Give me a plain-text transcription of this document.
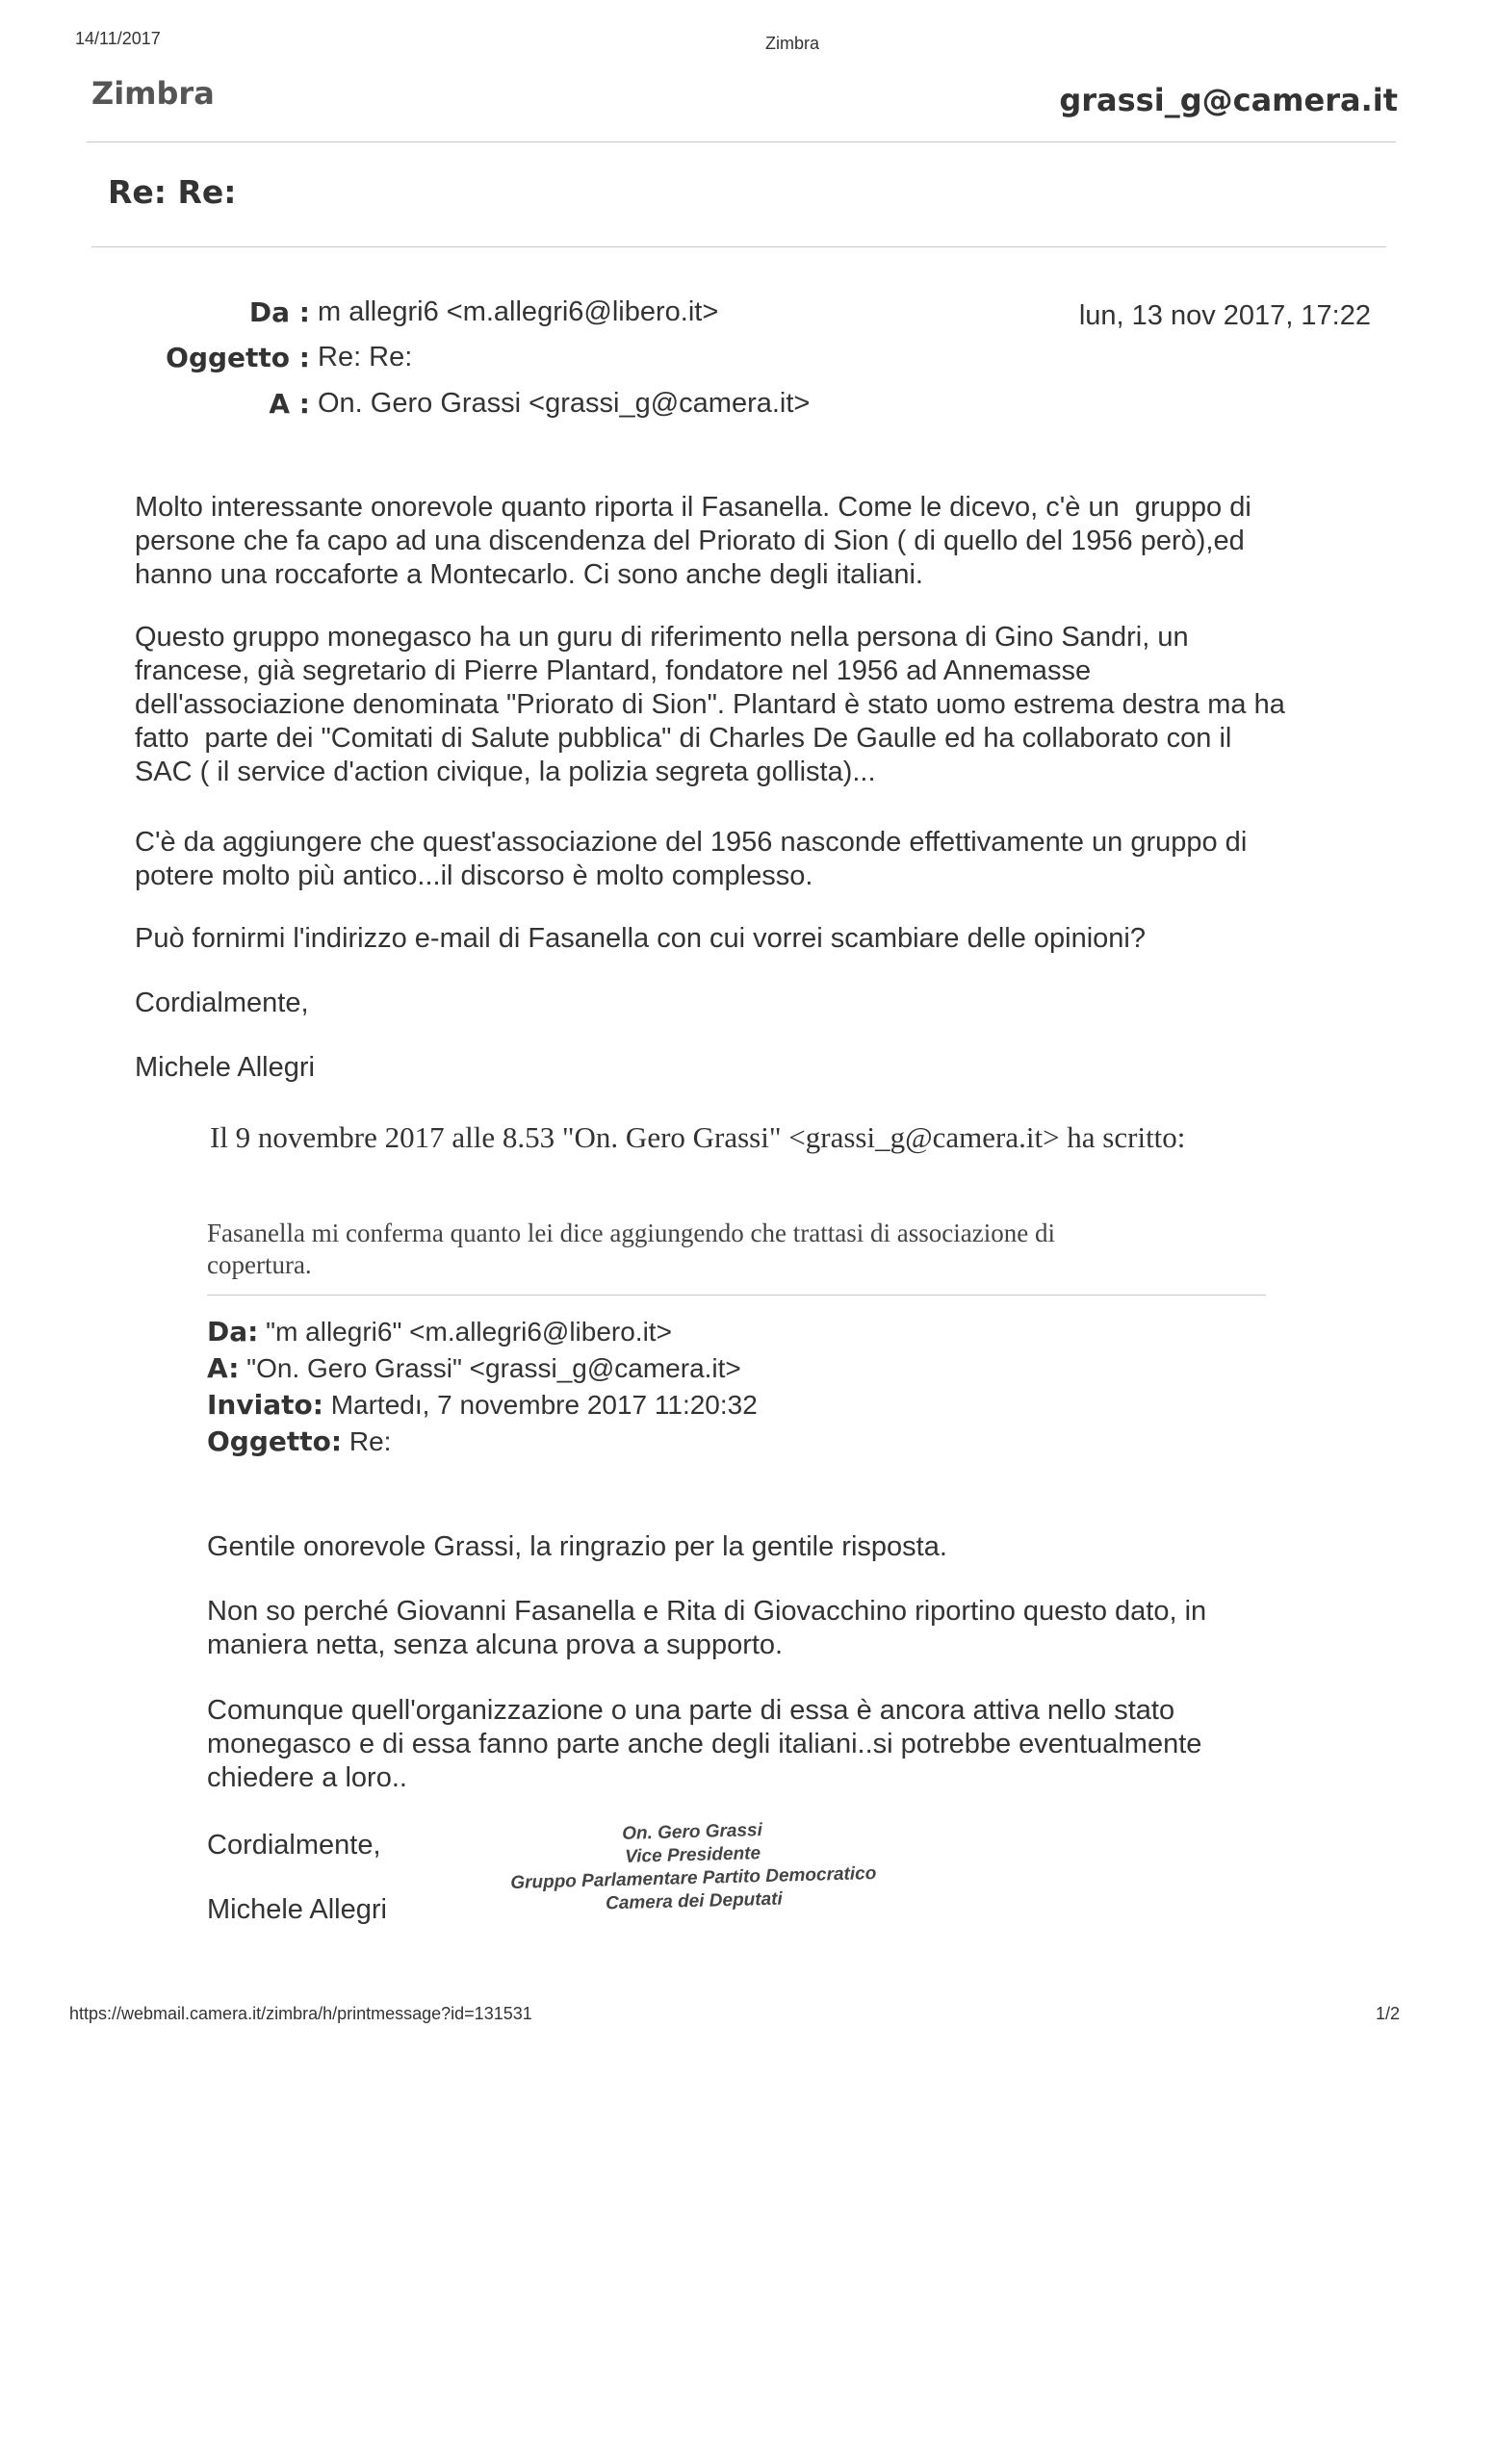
14/11/2017	Zimbra
Zimbra	grassi_g@camera.it
Re: Re:
Da : m allegri6 <m.allegri6@libero.it>	lun, 13 nov 2017, 17:22
Oggetto : Re: Re:
A : On. Gero Grassi <grassi_g@camera.it>
Molto interessante onorevole quanto riporta il Fasanella. Come le dicevo, c'è un  gruppo di
persone che fa capo ad una discendenza del Priorato di Sion ( di quello del 1956 però),ed
hanno una roccaforte a Montecarlo. Ci sono anche degli italiani.
Questo gruppo monegasco ha un guru di riferimento nella persona di Gino Sandri, un
francese, già segretario di Pierre Plantard, fondatore nel 1956 ad Annemasse
dell'associazione denominata "Priorato di Sion". Plantard è stato uomo estrema destra ma ha
fatto  parte dei "Comitati di Salute pubblica" di Charles De Gaulle ed ha collaborato con il
SAC ( il service d'action civique, la polizia segreta gollista)...
C'è da aggiungere che quest'associazione del 1956 nasconde effettivamente un gruppo di
potere molto più antico...il discorso è molto complesso.
Può fornirmi l'indirizzo e-mail di Fasanella con cui vorrei scambiare delle opinioni?
Cordialmente,
Michele Allegri
Il 9 novembre 2017 alle 8.53 "On. Gero Grassi" <grassi_g@camera.it> ha scritto:
Fasanella mi conferma quanto lei dice aggiungendo che trattasi di associazione di
copertura.
Da: "m allegri6" <m.allegri6@libero.it>
A: "On. Gero Grassi" <grassi_g@camera.it>
Inviato: Martedı, 7 novembre 2017 11:20:32
Oggetto: Re:
Gentile onorevole Grassi, la ringrazio per la gentile risposta.
Non so perché Giovanni Fasanella e Rita di Giovacchino riportino questo dato, in
maniera netta, senza alcuna prova a supporto.
Comunque quell'organizzazione o una parte di essa è ancora attiva nello stato
monegasco e di essa fanno parte anche degli italiani..si potrebbe eventualmente
chiedere a loro..
Cordialmente,
Michele Allegri
On. Gero Grassi
Vice Presidente
Gruppo Parlamentare Partito Democratico
Camera dei Deputati
https://webmail.camera.it/zimbra/h/printmessage?id=131531	1/2
